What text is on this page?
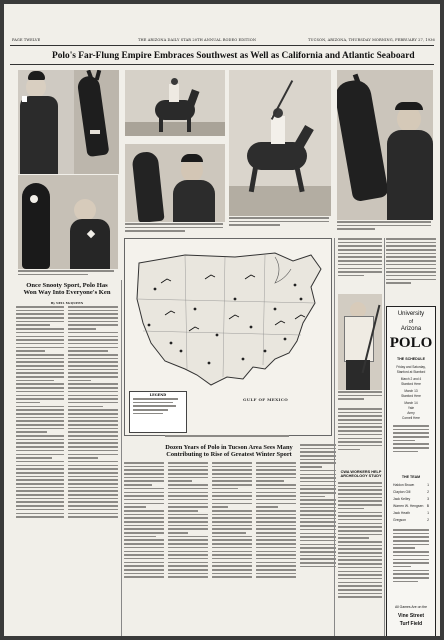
PAGE TWELVE	THE ARIZONA DAILY STAR 20TH ANNUAL RODEO EDITION	TUCSON, ARIZONA, THURSDAY MORNING, FEBRUARY 27, 1936
Polo's Far-Flung Empire Embraces Southwest as Well as California and Atlantic Seaboard
Once Snooty Sport, Polo Has
Won Way Into Everyone's Ken
By NEIL McQUEEN
GULF OF MEXICO
LEGEND
University
of
Arizona
POLO
THE SCHEDULE
Friday and Saturday,
Stanford at Stanford
March 2 and 4
Stanford Here
March 13
Stanford Here
March 14
Yale
Army
Cornell Here
THE TEAM
Haldon Brown	1
Clayton Gill	2
Jack Kelley	3
Warren W. Hengsen B
Jack Heath	1
Gregson	2
All Games Are on the
Vine Street
Turf Field
Dozen Years of Polo in Tucson Area Sees Many
Contributing to Rise of Greatest Winter Sport
CWA WORKERS HELP
ARCHEOLOGY STUDY
